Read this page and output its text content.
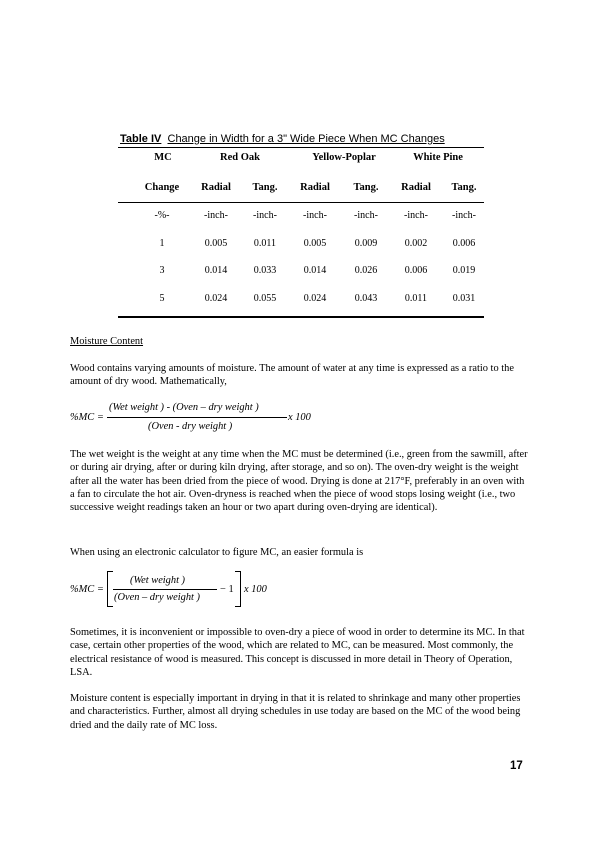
Table IV Change in Width for a 3" Wide Piece When MC Changes
MC	Red Oak	Yellow-Poplar	White Pine
Change	Radial	Tang.	Radial	Tang.	Radial	Tang.
-%-	-inch-	-inch-	-inch-	-inch-	-inch-	-inch-
1	0.005	0.011	0.005	0.009	0.002	0.006
3	0.014	0.033	0.014	0.026	0.006	0.019
5	0.024	0.055	0.024	0.043	0.011	0.031
Moisture Content
Wood contains varying amounts of moisture. The amount of water at any time is expressed as a ratio to the amount of dry wood. Mathematically,
%MC =
(Wet weight ) - (Oven – dry weight )
(Oven - dry weight )
x 100
The wet weight is the weight at any time when the MC must be determined (i.e., green from the sawmill, after or during air drying, after or during kiln drying, after storage, and so on). The oven-dry weight is the weight after all the water has been dried from the piece of wood. Drying is done at 217°F, preferably in an oven with a fan to circulate the hot air. Oven-dryness is reached when the piece of wood stops losing weight (i.e., two successive weight readings taken an hour or two apart during oven-drying are identical).
When using an electronic calculator to figure MC, an easier formula is
%MC =
(Wet weight )
(Oven – dry weight )
− 1 x 100
Sometimes, it is inconvenient or impossible to oven-dry a piece of wood in order to determine its MC. In that case, certain other properties of the wood, which are related to MC, can be measured. Most commonly, the electrical resistance of wood is measured. This concept is discussed in more detail in Theory of Operation, LSA.
Moisture content is especially important in drying in that it is related to shrinkage and many other properties and characteristics. Further, almost all drying schedules in use today are based on the MC of the wood being dried and the daily rate of MC loss.
17
